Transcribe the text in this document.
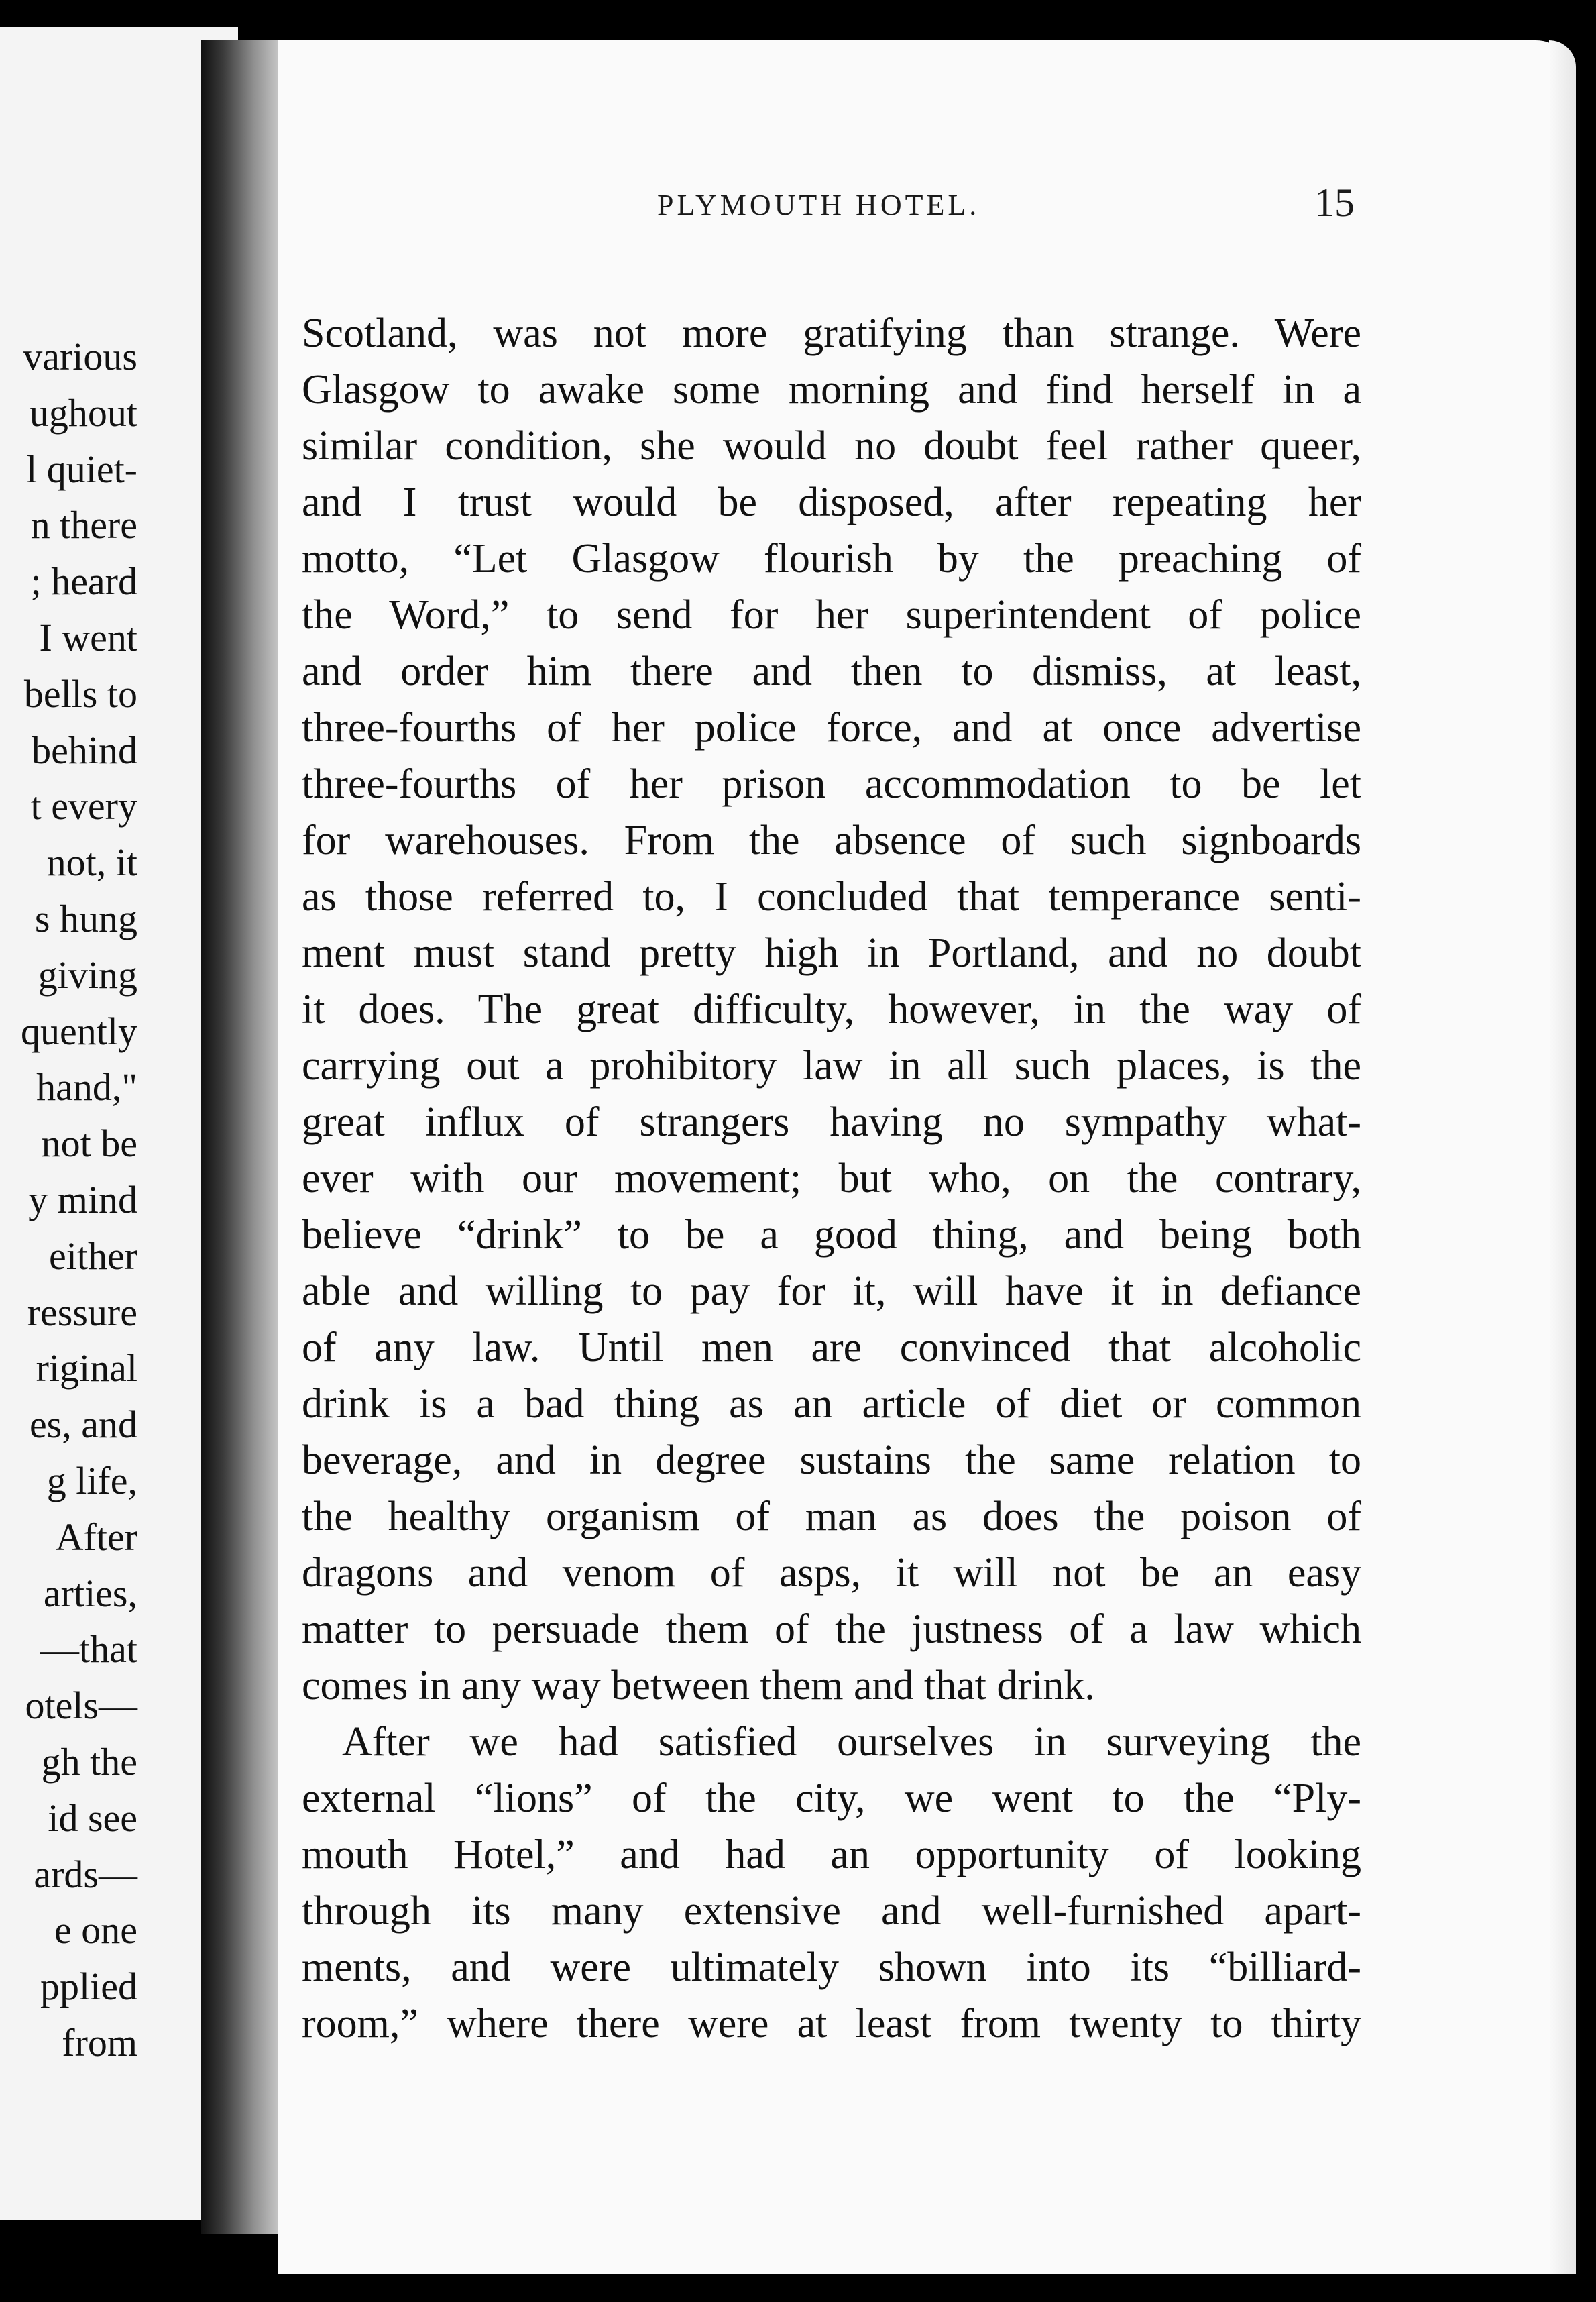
various
ughout
l quiet-
n there
; heard
I went
bells to
behind
t every
not, it
s hung
giving
quently
hand,"
not be
y mind
either
ressure
riginal
es, and
g life,
After
arties,
—that
otels—
gh the
id see
ards—
e one
pplied
from
PLYMOUTH HOTEL.	15
Scotland, was not more gratifying than strange. Were
Glasgow to awake some morning and find herself in a
similar condition, she would no doubt feel rather queer,
and I trust would be disposed, after repeating her
motto, “Let Glasgow flourish by the preaching of
the Word,” to send for her superintendent of police
and order him there and then to dismiss, at least,
three-fourths of her police force, and at once advertise
three-fourths of her prison accommodation to be let
for warehouses. From the absence of such signboards
as those referred to, I concluded that temperance senti-
ment must stand pretty high in Portland, and no doubt
it does. The great difficulty, however, in the way of
carrying out a prohibitory law in all such places, is the
great influx of strangers having no sympathy what-
ever with our movement; but who, on the contrary,
believe “drink” to be a good thing, and being both
able and willing to pay for it, will have it in defiance
of any law. Until men are convinced that alcoholic
drink is a bad thing as an article of diet or common
beverage, and in degree sustains the same relation to
the healthy organism of man as does the poison of
dragons and venom of asps, it will not be an easy
matter to persuade them of the justness of a law which
comes in any way between them and that drink.
After we had satisfied ourselves in surveying the
external “lions” of the city, we went to the “Ply-
mouth Hotel,” and had an opportunity of looking
through its many extensive and well-furnished apart-
ments, and were ultimately shown into its “billiard-
room,” where there were at least from twenty to thirty
